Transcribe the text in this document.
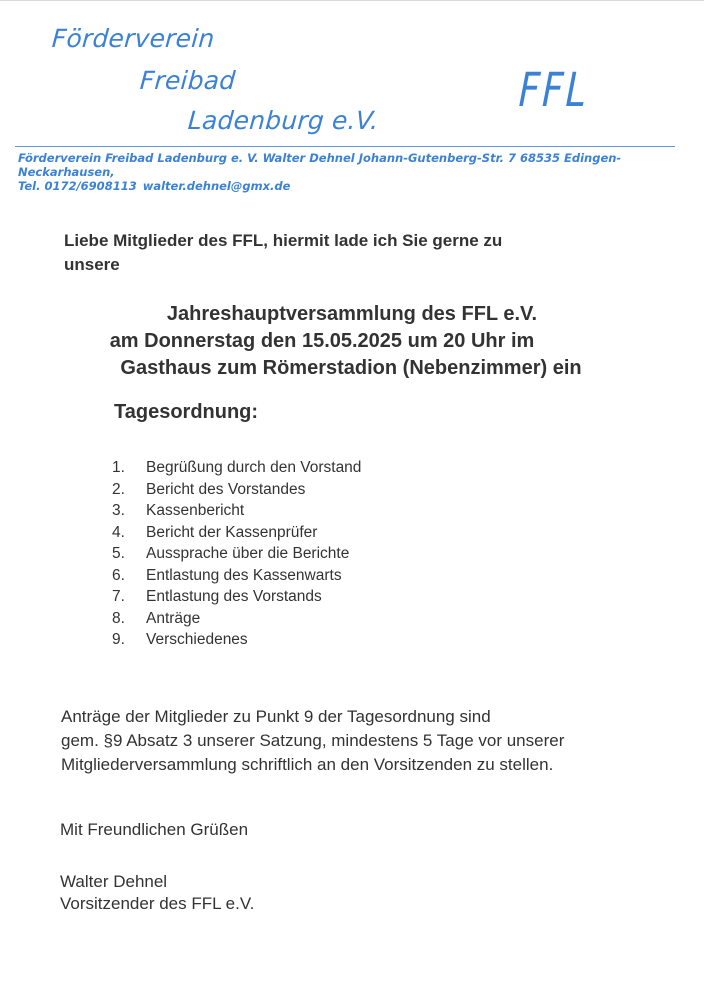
Förderverein
Freibad
Ladenburg e.V.
FFL
Förderverein Freibad Ladenburg e. V. Walter Dehnel Johann-Gutenberg-Str. 7 68535 Edingen-
Neckarhausen,
Tel. 0172/6908113 walter.dehnel@gmx.de
Liebe Mitglieder des FFL, hiermit lade ich Sie gerne zu
unsere
Jahreshauptversammlung des FFL e.V.
am Donnerstag den 15.05.2025 um 20 Uhr im
Gasthaus zum Römerstadion (Nebenzimmer) ein
Tagesordnung:
1.	Begrüßung durch den Vorstand
2.	Bericht des Vorstandes
3.	Kassenbericht
4.	Bericht der Kassenprüfer
5.	Aussprache über die Berichte
6.	Entlastung des Kassenwarts
7.	Entlastung des Vorstands
8.	Anträge
9.	Verschiedenes
Anträge der Mitglieder zu Punkt 9 der Tagesordnung sind
gem. §9 Absatz 3 unserer Satzung, mindestens 5 Tage vor unserer
Mitgliederversammlung schriftlich an den Vorsitzenden zu stellen.
Mit Freundlichen Grüßen
Walter Dehnel
Vorsitzender des FFL e.V.
